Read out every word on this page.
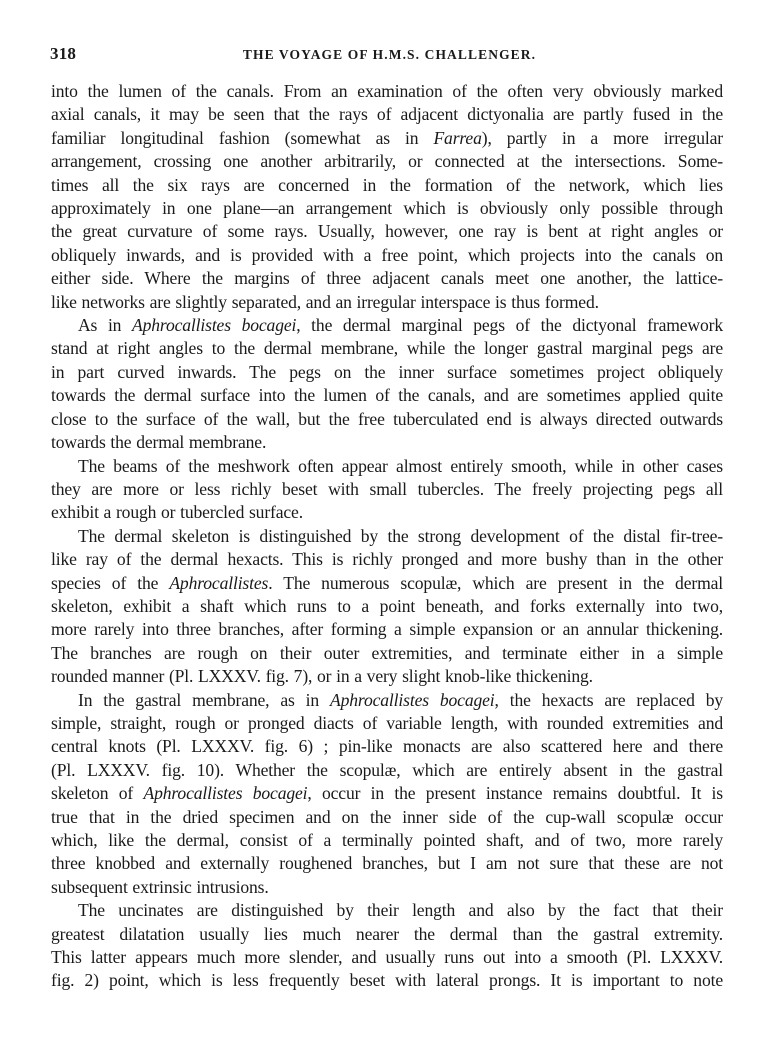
318	THE VOYAGE OF H.M.S. CHALLENGER.

into the lumen of the canals. From an examination of the often very obviously marked
axial canals, it may be seen that the rays of adjacent dictyonalia are partly fused in the
familiar longitudinal fashion (somewhat as in Farrea), partly in a more irregular
arrangement, crossing one another arbitrarily, or connected at the intersections. Some-
times all the six rays are concerned in the formation of the network, which lies
approximately in one plane—an arrangement which is obviously only possible through
the great curvature of some rays. Usually, however, one ray is bent at right angles or
obliquely inwards, and is provided with a free point, which projects into the canals on
either side. Where the margins of three adjacent canals meet one another, the lattice-
like networks are slightly separated, and an irregular interspace is thus formed.

As in Aphrocallistes bocagei, the dermal marginal pegs of the dictyonal framework
stand at right angles to the dermal membrane, while the longer gastral marginal pegs are
in part curved inwards. The pegs on the inner surface sometimes project obliquely
towards the dermal surface into the lumen of the canals, and are sometimes applied quite
close to the surface of the wall, but the free tuberculated end is always directed outwards
towards the dermal membrane.

The beams of the meshwork often appear almost entirely smooth, while in other cases
they are more or less richly beset with small tubercles. The freely projecting pegs all
exhibit a rough or tubercled surface.

The dermal skeleton is distinguished by the strong development of the distal fir-tree-
like ray of the dermal hexacts. This is richly pronged and more bushy than in the other
species of the Aphrocallistes. The numerous scopulæ, which are present in the dermal
skeleton, exhibit a shaft which runs to a point beneath, and forks externally into two,
more rarely into three branches, after forming a simple expansion or an annular thickening.
The branches are rough on their outer extremities, and terminate either in a simple
rounded manner (Pl. LXXXV. fig. 7), or in a very slight knob-like thickening.

In the gastral membrane, as in Aphrocallistes bocagei, the hexacts are replaced by
simple, straight, rough or pronged diacts of variable length, with rounded extremities and
central knots (Pl. LXXXV. fig. 6) ; pin-like monacts are also scattered here and there
(Pl. LXXXV. fig. 10). Whether the scopulæ, which are entirely absent in the gastral
skeleton of Aphrocallistes bocagei, occur in the present instance remains doubtful. It is
true that in the dried specimen and on the inner side of the cup-wall scopulæ occur
which, like the dermal, consist of a terminally pointed shaft, and of two, more rarely
three knobbed and externally roughened branches, but I am not sure that these are not
subsequent extrinsic intrusions.

The uncinates are distinguished by their length and also by the fact that their
greatest dilatation usually lies much nearer the dermal than the gastral extremity.
This latter appears much more slender, and usually runs out into a smooth (Pl. LXXXV.
fig. 2) point, which is less frequently beset with lateral prongs. It is important to note
